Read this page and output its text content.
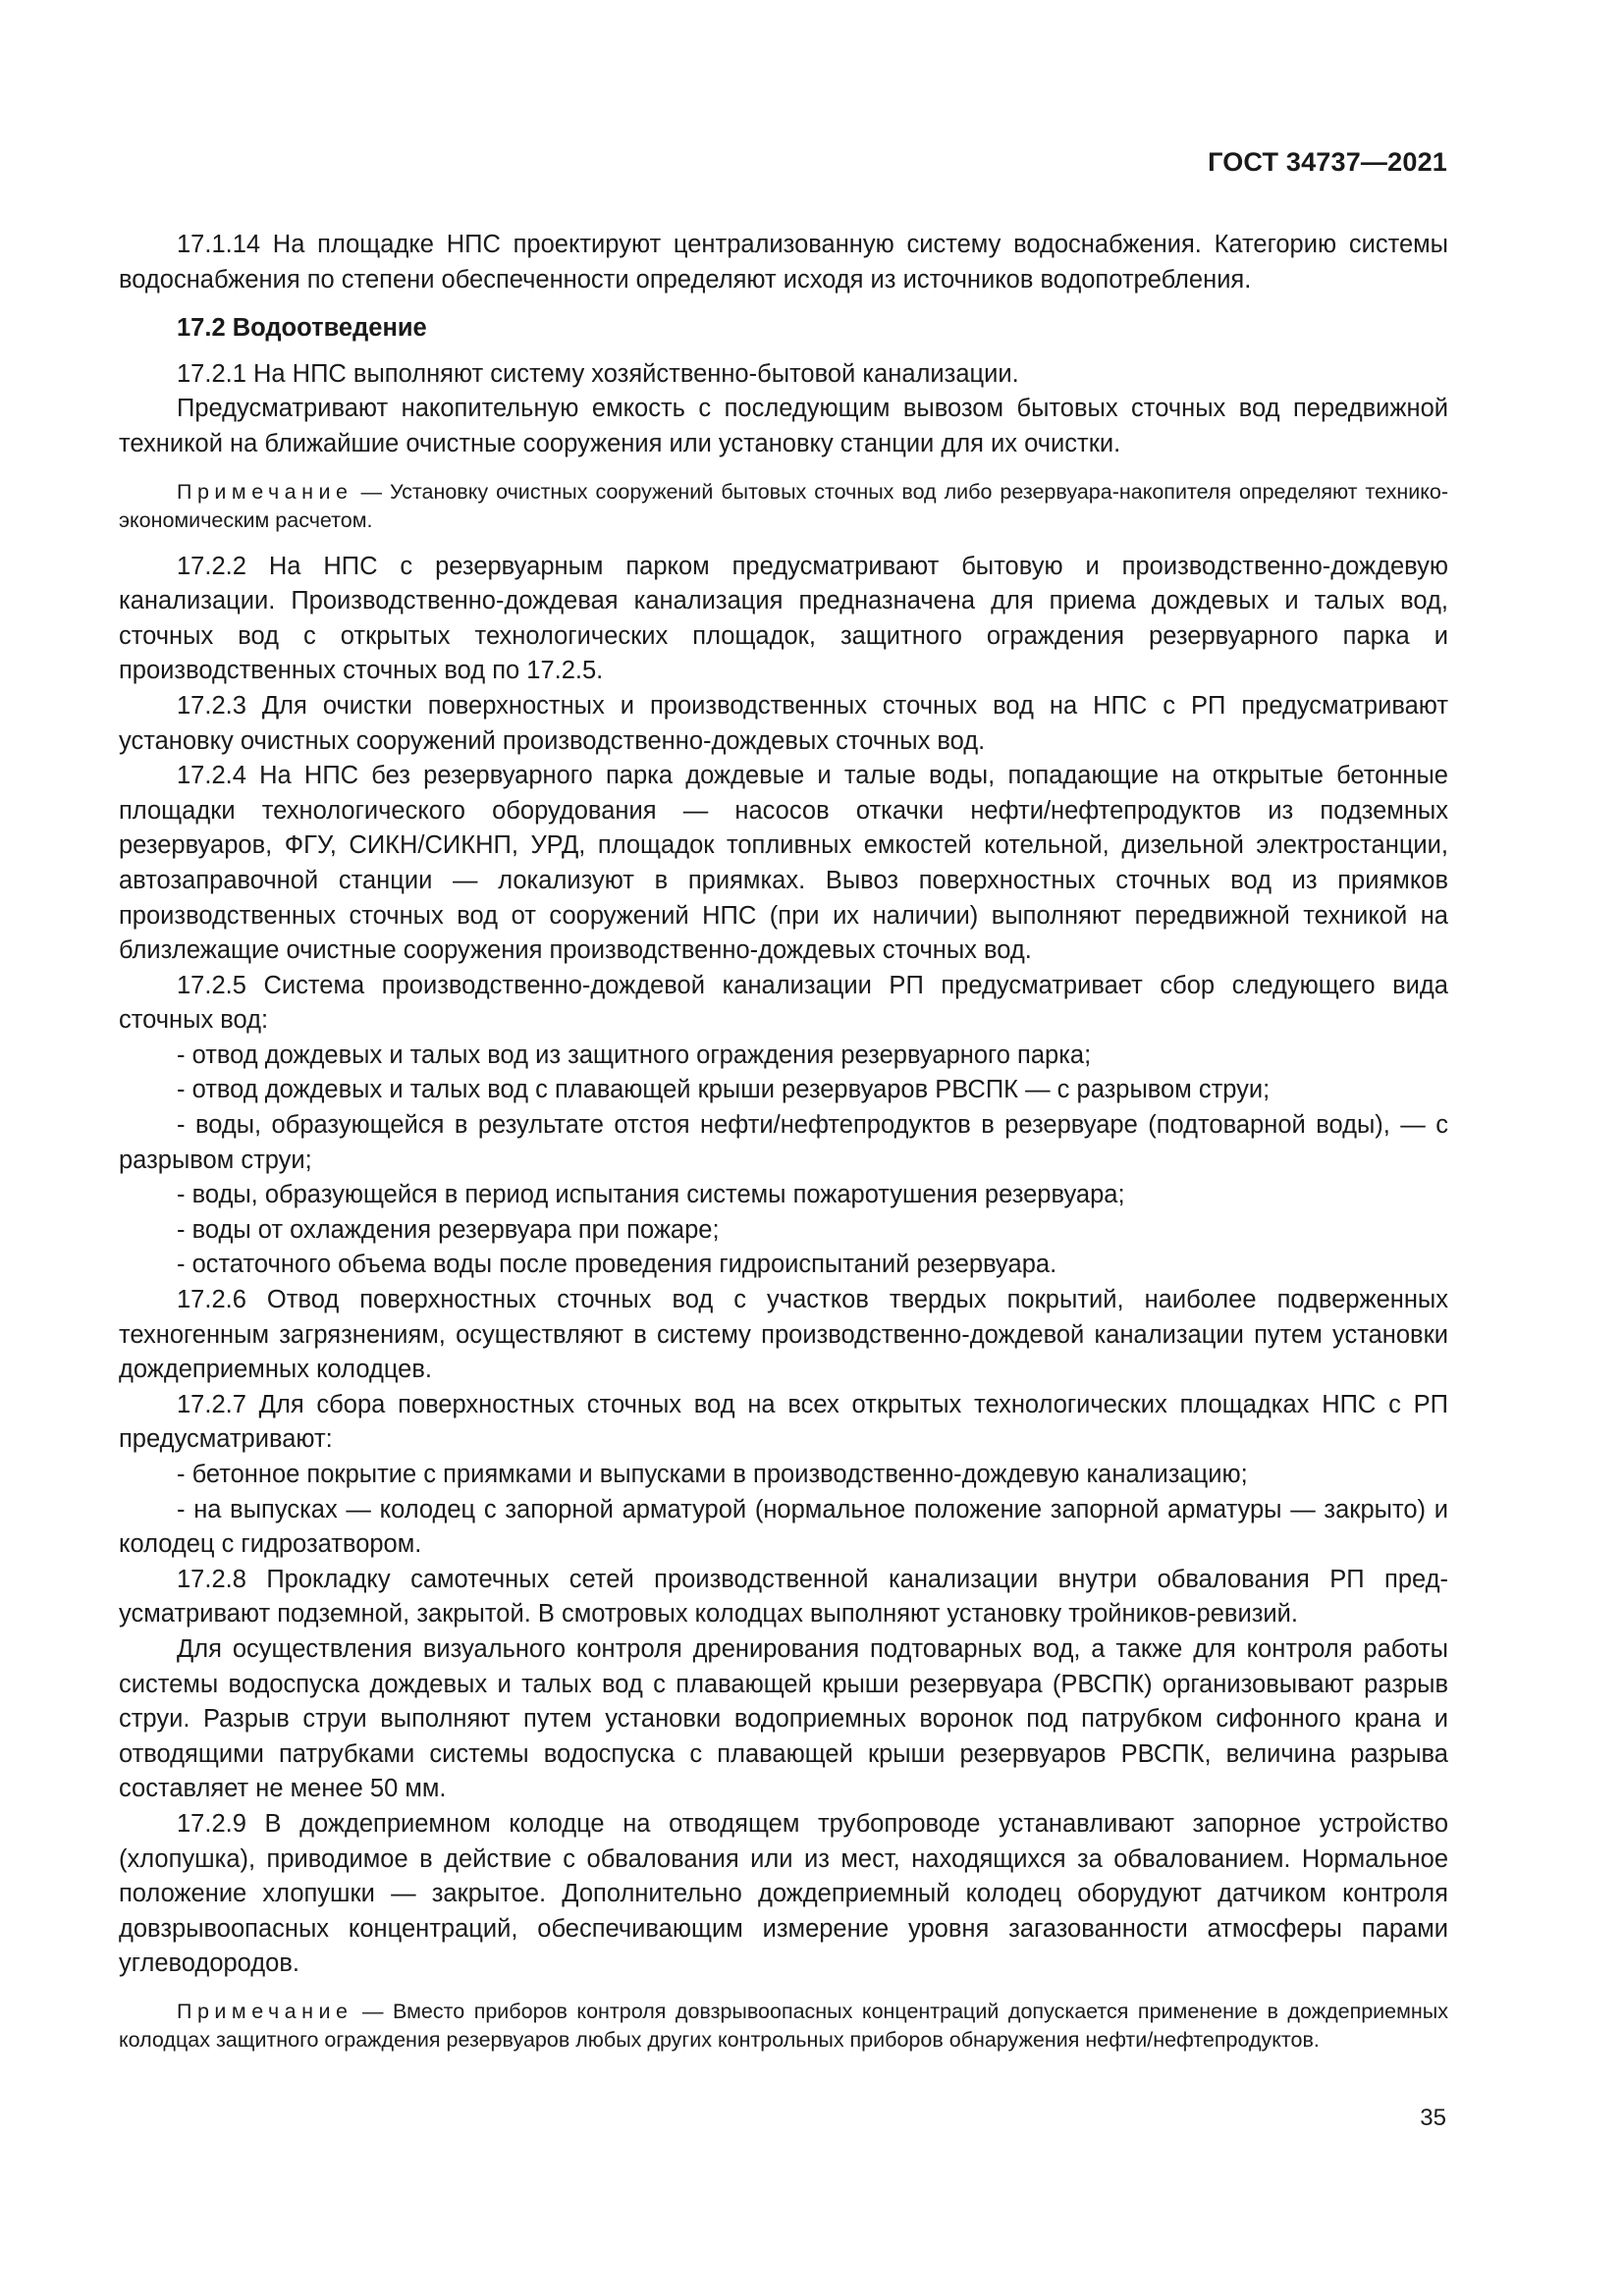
ГОСТ 34737—2021

17.1.14 На площадке НПС проектируют централизованную систему водоснабжения. Категорию системы водоснабжения по степени обеспеченности определяют исходя из источников водопотребления.

17.2 Водоотведение

17.2.1 На НПС выполняют систему хозяйственно-бытовой канализации.

Предусматривают накопительную емкость с последующим вывозом бытовых сточных вод передвижной техникой на ближайшие очистные сооружения или установку станции для их очистки.

Примечание — Установку очистных сооружений бытовых сточных вод либо резервуара-накопителя определяют технико-экономическим расчетом.

17.2.2 На НПС с резервуарным парком предусматривают бытовую и производственно-дождевую канализации. Производственно-дождевая канализация предназначена для приема дождевых и талых вод, сточных вод с открытых технологических площадок, защитного ограждения резервуарного парка и производственных сточных вод по 17.2.5.

17.2.3 Для очистки поверхностных и производственных сточных вод на НПС с РП предусматривают установку очистных сооружений производственно-дождевых сточных вод.

17.2.4 На НПС без резервуарного парка дождевые и талые воды, попадающие на открытые бетонные площадки технологического оборудования — насосов откачки нефти/нефтепродуктов из подземных резервуаров, ФГУ, СИКН/СИКНП, УРД, площадок топливных емкостей котельной, дизельной электростанции, автозаправочной станции — локализуют в приямках. Вывоз поверхностных сточных вод из приямков производственных сточных вод от сооружений НПС (при их наличии) выполняют передвижной техникой на близлежащие очистные сооружения производственно-дождевых сточных вод.

17.2.5 Система производственно-дождевой канализации РП предусматривает сбор следующего вида сточных вод:

- отвод дождевых и талых вод из защитного ограждения резервуарного парка;

- отвод дождевых и талых вод с плавающей крыши резервуаров РВСПК — с разрывом струи;

- воды, образующейся в результате отстоя нефти/нефтепродуктов в резервуаре (подтоварной воды), — с разрывом струи;

- воды, образующейся в период испытания системы пожаротушения резервуара;

- воды от охлаждения резервуара при пожаре;

- остаточного объема воды после проведения гидроиспытаний резервуара.

17.2.6 Отвод поверхностных сточных вод с участков твердых покрытий, наиболее подверженных техногенным загрязнениям, осуществляют в систему производственно-дождевой канализации путем установки дождеприемных колодцев.

17.2.7 Для сбора поверхностных сточных вод на всех открытых технологических площадках НПС с РП предусматривают:

- бетонное покрытие с приямками и выпусками в производственно-дождевую канализацию;

- на выпусках — колодец с запорной арматурой (нормальное положение запорной арматуры — закрыто) и колодец с гидрозатвором.

17.2.8 Прокладку самотечных сетей производственной канализации внутри обвалования РП предусматривают подземной, закрытой. В смотровых колодцах выполняют установку тройников-ревизий.

Для осуществления визуального контроля дренирования подтоварных вод, а также для контроля работы системы водоспуска дождевых и талых вод с плавающей крыши резервуара (РВСПК) организовывают разрыв струи. Разрыв струи выполняют путем установки водоприемных воронок под патрубком сифонного крана и отводящими патрубками системы водоспуска с плавающей крыши резервуаров РВСПК, величина разрыва составляет не менее 50 мм.

17.2.9 В дождеприемном колодце на отводящем трубопроводе устанавливают запорное устройство (хлопушка), приводимое в действие с обвалования или из мест, находящихся за обвалованием. Нормальное положение хлопушки — закрытое. Дополнительно дождеприемный колодец оборудуют датчиком контроля довзрывоопасных концентраций, обеспечивающим измерение уровня загазованности атмосферы парами углеводородов.

Примечание — Вместо приборов контроля довзрывоопасных концентраций допускается применение в дождеприемных колодцах защитного ограждения резервуаров любых других контрольных приборов обнаружения нефти/нефтепродуктов.

35
